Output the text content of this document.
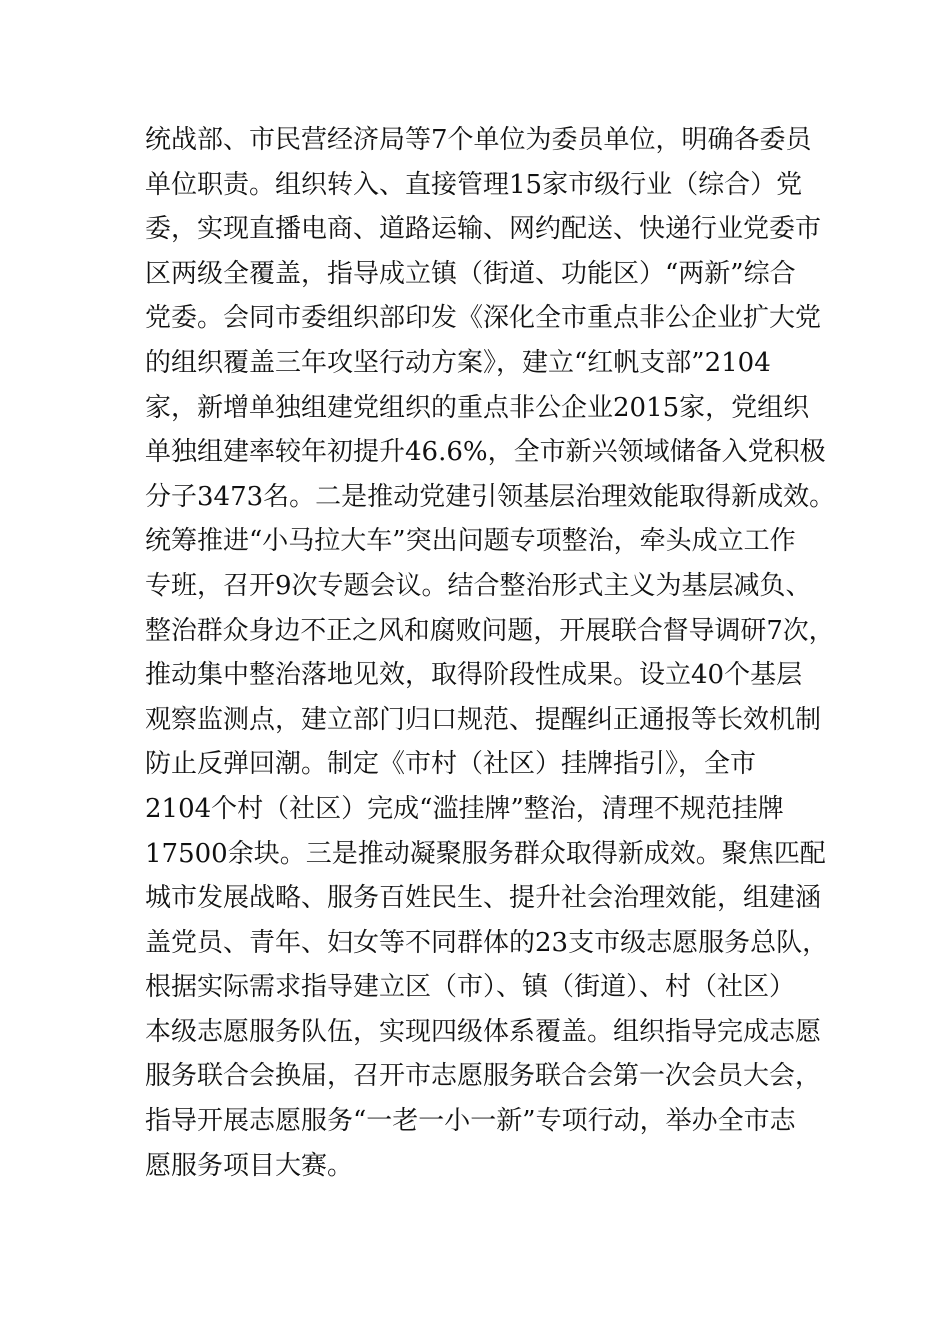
统战部、市民营经济局等7个单位为委员单位，明确各委员
单位职责。组织转入、直接管理15家市级行业（综合）党
委，实现直播电商、道路运输、网约配送、快递行业党委市
区两级全覆盖，指导成立镇（街道、功能区）“两新”综合
党委。会同市委组织部印发《深化全市重点非公企业扩大党
的组织覆盖三年攻坚行动方案》，建立“红帆支部”2104
家，新增单独组建党组织的重点非公企业2015家，党组织
单独组建率较年初提升46.6%，全市新兴领域储备入党积极
分子3473名。二是推动党建引领基层治理效能取得新成效。
统筹推进“小马拉大车”突出问题专项整治，牵头成立工作
专班，召开9次专题会议。结合整治形式主义为基层减负、
整治群众身边不正之风和腐败问题，开展联合督导调研7次，
推动集中整治落地见效，取得阶段性成果。设立40个基层
观察监测点，建立部门归口规范、提醒纠正通报等长效机制
防止反弹回潮。制定《市村（社区）挂牌指引》，全市
2104个村（社区）完成“滥挂牌”整治，清理不规范挂牌
17500余块。三是推动凝聚服务群众取得新成效。聚焦匹配
城市发展战略、服务百姓民生、提升社会治理效能，组建涵
盖党员、青年、妇女等不同群体的23支市级志愿服务总队，
根据实际需求指导建立区（市）、镇（街道）、村（社区）
本级志愿服务队伍，实现四级体系覆盖。组织指导完成志愿
服务联合会换届，召开市志愿服务联合会第一次会员大会，
指导开展志愿服务“一老一小一新”专项行动，举办全市志
愿服务项目大赛。
